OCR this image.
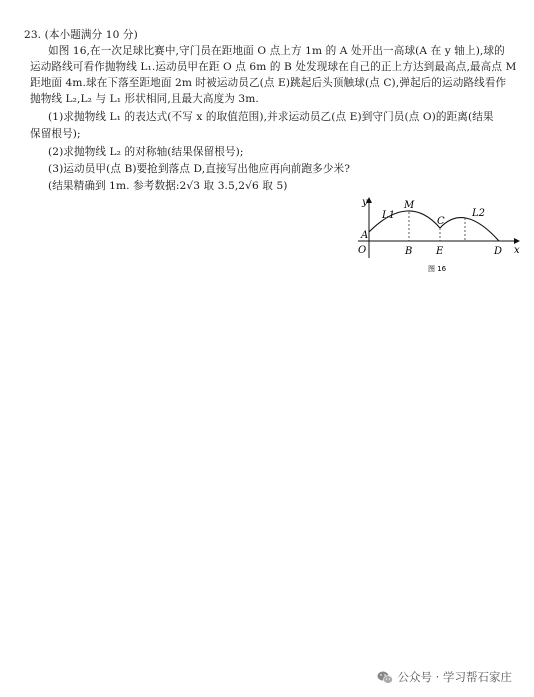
23. (本小题满分 10 分)
如图 16,在一次足球比赛中,守门员在距地面 O 点上方 1m 的 A 处开出一高球(A 在 y 轴上),球的
运动路线可看作抛物线 L₁.运动员甲在距 O 点 6m 的 B 处发现球在自己的正上方达到最高点,最高点 M
距地面 4m.球在下落至距地面 2m 时被运动员乙(点 E)跳起后头顶触球(点 C),弹起后的运动路线看作
抛物线 L₂,L₂ 与 L₁ 形状相同,且最大高度为 3m.
(1)求抛物线 L₁ 的表达式(不写 x 的取值范围),并求运动员乙(点 E)到守门员(点 O)的距离(结果
保留根号);
(2)求抛物线 L₂ 的对称轴(结果保留根号);
(3)运动员甲(点 B)要抢到落点 D,直接写出他应再向前跑多少米?
(结果精确到 1m. 参考数据:2√3 取 3.5,2√6 取 5)
y
A
O
L1
M
C
L2
x
B E	D
图 16
公众号 · 学习帮石家庄
